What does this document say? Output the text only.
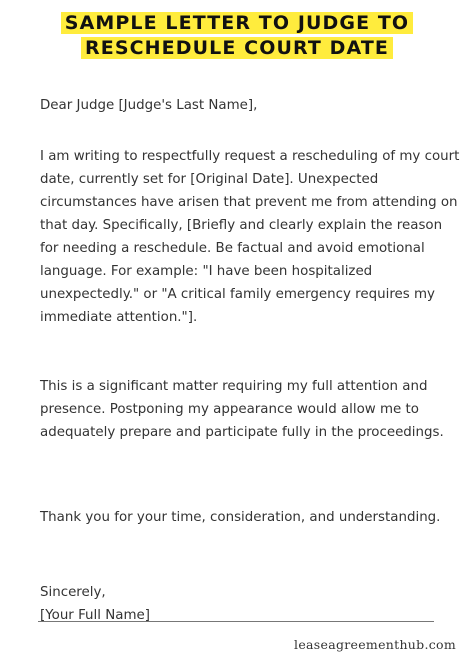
SAMPLE LETTER TO JUDGE TO
RESCHEDULE COURT DATE

Dear Judge [Judge's Last Name],

I am writing to respectfully request a rescheduling of my court date, currently set for [Original Date]. Unexpected circumstances have arisen that prevent me from attending on that day. Specifically, [Briefly and clearly explain the reason for needing a reschedule. Be factual and avoid emotional language. For example: "I have been hospitalized unexpectedly." or "A critical family emergency requires my immediate attention."].

This is a significant matter requiring my full attention and presence. Postponing my appearance would allow me to adequately prepare and participate fully in the proceedings.

Thank you for your time, consideration, and understanding.

Sincerely,

[Your Full Name]

leaseagreementhub.com
